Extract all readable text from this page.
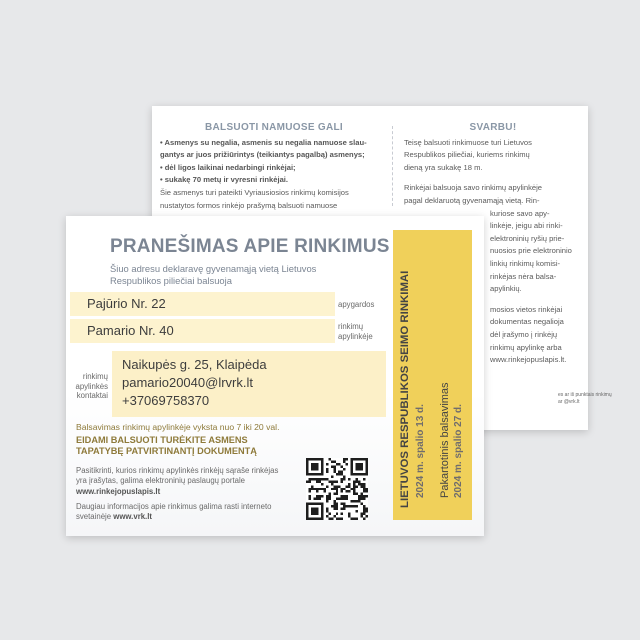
BALSUOTI NAMUOSE GALI

• Asmenys su negalia, asmenis su negalia namuose slau-

gantys ar juos prižiūrintys (teikiantys pagalbą) asmenys;

• dėl ligos laikinai nedarbingi rinkėjai;

• sukakę 70 metų ir vyresni rinkėjai.

Šie asmenys turi pateikti Vyriausiosios rinkimų komisijos

nustatytos formos rinkėjo prašymą balsuoti namuose

SVARBU!

Teisę balsuoti rinkimuose turi Lietuvos

Respublikos piliečiai, kuriems rinkimų

dieną yra sukakę 18 m.

Rinkėjai balsuoja savo rinkimų apylinkėje

pagal deklaruotą gyvenamąją vietą. Rin-

kuriose savo apy-

linkėje, jeigu abi rinki-

elektroninių ryšių prie-

nuosios prie elektroninio

linkių rinkimų komisi-

rinkėjas nėra balsa-

apylinkių.

mosios vietos rinkėjai

dokumentas negalioja

dėl įrašymo į rinkėjų

rinkimų apylinkę arba

www.rinkejopuslapis.lt.

es ar iš punktais rinkimų
ar @vrk.lt
PRANEŠIMAS APIE RINKIMUS
Šiuo adresu deklaravę gyvenamąją vietą Lietuvos Respublikos piliečiai balsuoja
Pajūrio Nr. 22	apygardos
Pamario Nr. 40	rinkimų
apylinkėje
rinkimų
apylinkės
kontaktai
Naikupės g. 25, Klaipėda
pamario20040@lrvrk.lt
+37069758370
Balsavimas rinkimų apylinkėje vyksta nuo 7 iki 20 val.
EIDAMI BALSUOTI TURĖKITE ASMENS TAPATYBĘ PATVIRTINANTĮ DOKUMENTĄ
Pasitikrinti, kurios rinkimų apylinkės rinkėjų sąraše rinkėjas yra įrašytas, galima elektroninių paslaugų portale www.rinkejopuslapis.lt
Daugiau informacijos apie rinkimus galima rasti interneto svetainėje www.vrk.lt
LIETUVOS RESPUBLIKOS SEIMO RINKIMAI 2024 m. spalio 13 d. Pakartotinis balsavimas 2024 m. spalio 27 d.
